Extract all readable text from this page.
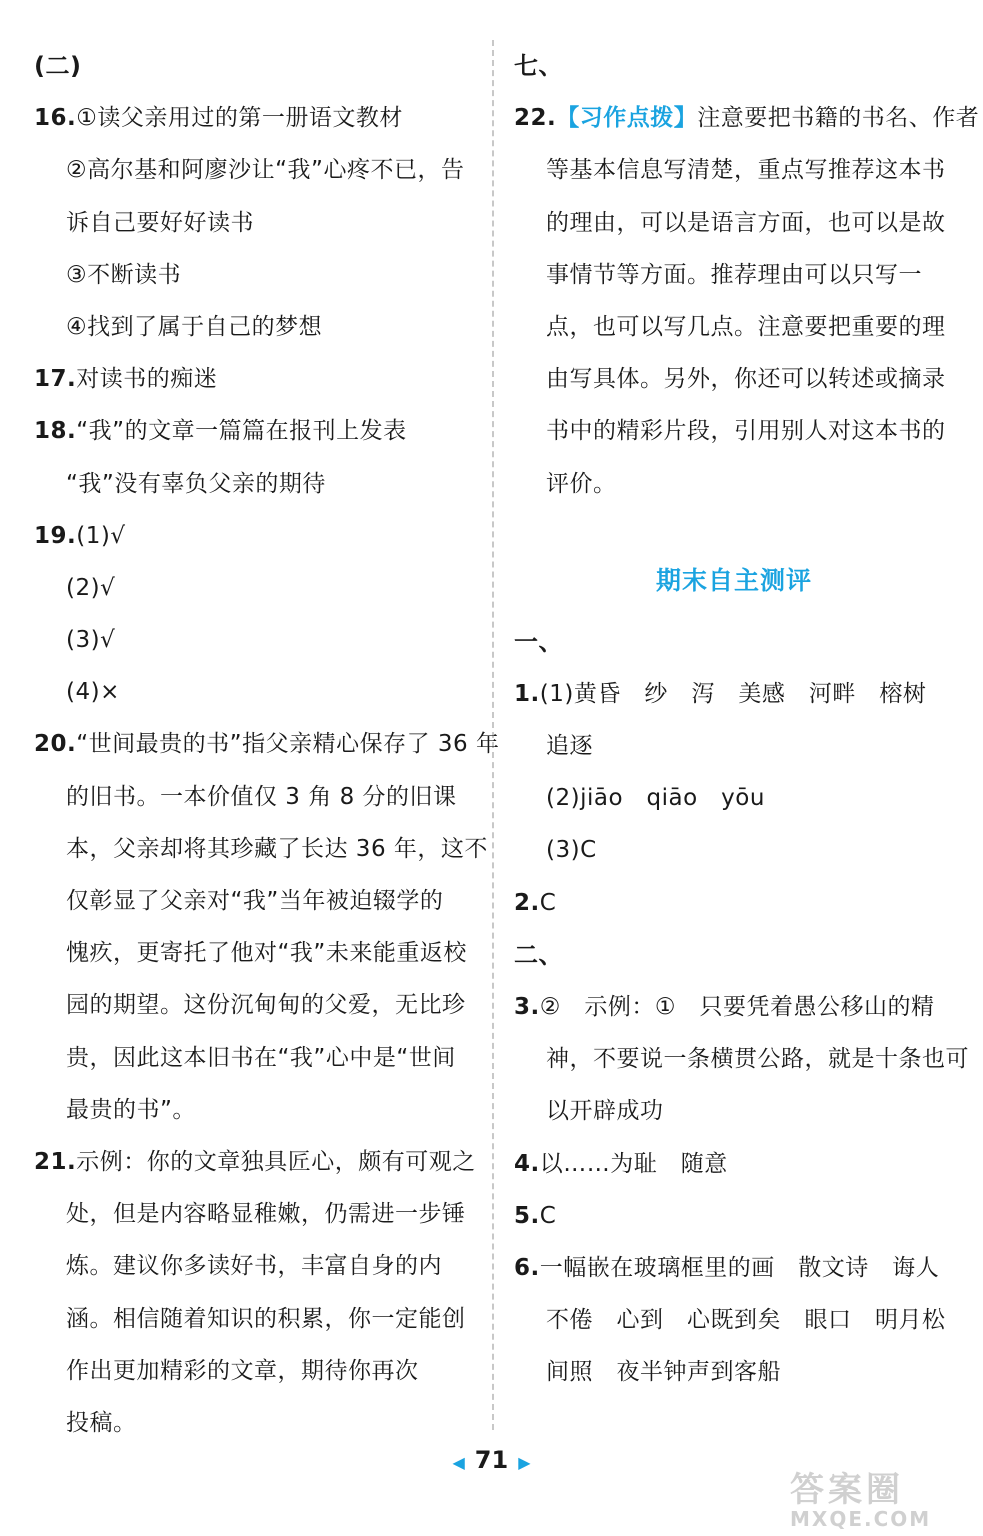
(二)
16.①读父亲用过的第一册语文教材
②高尔基和阿廖沙让“我”心疼不已，告
诉自己要好好读书
③不断读书
④找到了属于自己的梦想
17.对读书的痴迷
18.“我”的文章一篇篇在报刊上发表
“我”没有辜负父亲的期待
19.(1)√
(2)√
(3)√
(4)×
20.“世间最贵的书”指父亲精心保存了 36 年
的旧书。一本价值仅 3 角 8 分的旧课
本，父亲却将其珍藏了长达 36 年，这不
仅彰显了父亲对“我”当年被迫辍学的
愧疚，更寄托了他对“我”未来能重返校
园的期望。这份沉甸甸的父爱，无比珍
贵，因此这本旧书在“我”心中是“世间
最贵的书”。
21.示例：你的文章独具匠心，颇有可观之
处，但是内容略显稚嫩，仍需进一步锤
炼。建议你多读好书，丰富自身的内
涵。相信随着知识的积累，你一定能创
作出更加精彩的文章，期待你再次
投稿。
七、
22.【习作点拨】注意要把书籍的书名、作者
等基本信息写清楚，重点写推荐这本书
的理由，可以是语言方面，也可以是故
事情节等方面。推荐理由可以只写一
点，也可以写几点。注意要把重要的理
由写具体。另外，你还可以转述或摘录
书中的精彩片段，引用别人对这本书的
评价。
期末自主测评
一、
1.(1)黄昏　纱　泻　美感　河畔　榕树
追逐
(2)jiāo　qiāo　yōu
(3)C
2.C
二、
3.②　示例：①　只要凭着愚公移山的精
神，不要说一条横贯公路，就是十条也可
以开辟成功
4.以……为耻　随意
5.C
6.一幅嵌在玻璃框里的画　散文诗　诲人
不倦　心到　心既到矣　眼口　明月松
间照　夜半钟声到客船
◀ 71 ▶
答案圈
MXQE.COM
